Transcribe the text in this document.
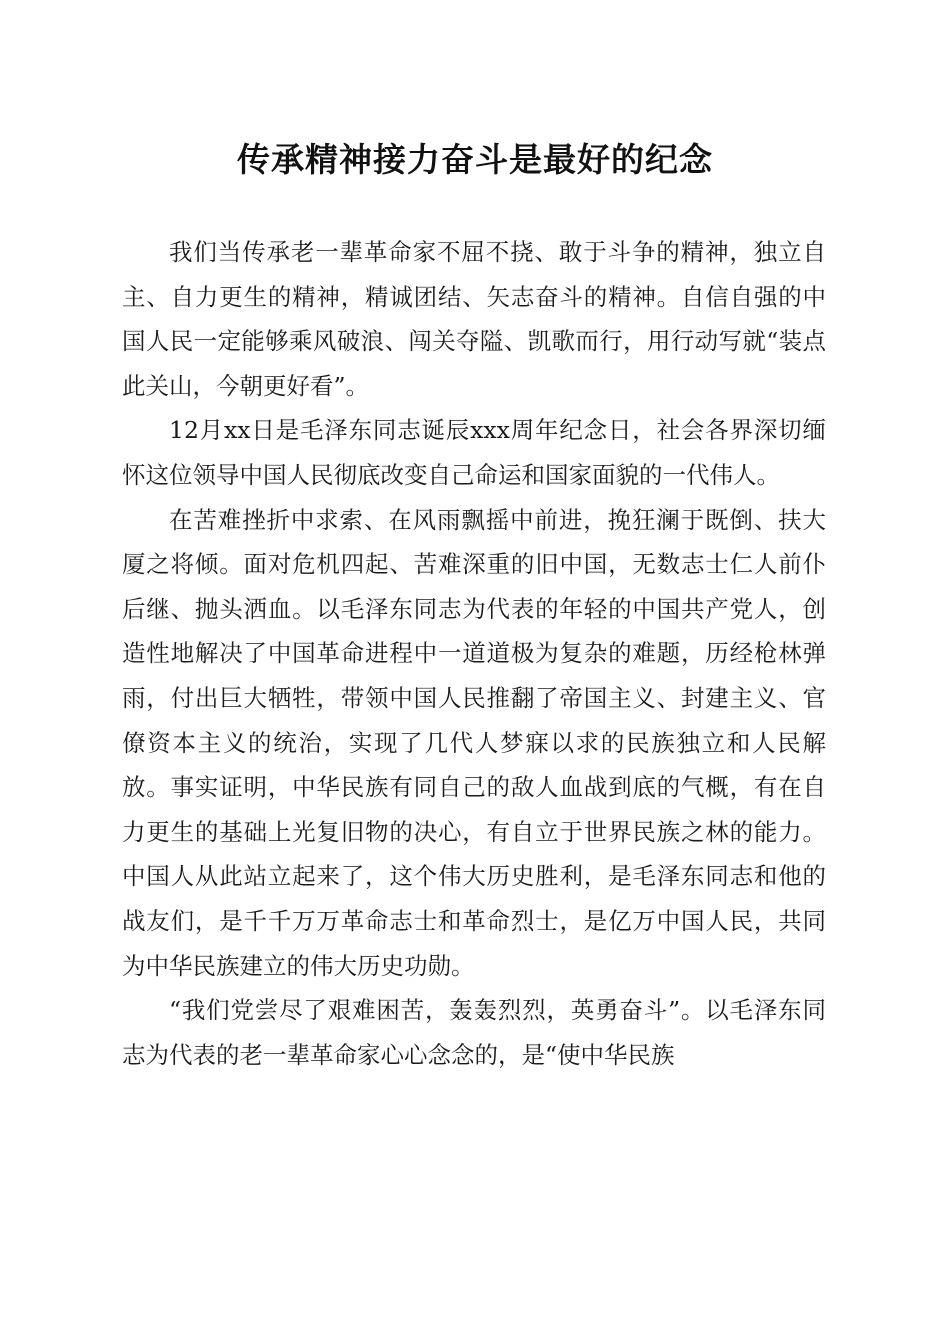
传承精神接力奋斗是最好的纪念

我们当传承老一辈革命家不屈不挠、敢于斗争的精神，独立自主、自力更生的精神，精诚团结、矢志奋斗的精神。自信自强的中国人民一定能够乘风破浪、闯关夺隘、凯歌而行，用行动写就“装点此关山，今朝更好看”。

12月xx日是毛泽东同志诞辰xxx周年纪念日，社会各界深切缅怀这位领导中国人民彻底改变自己命运和国家面貌的一代伟人。

在苦难挫折中求索、在风雨飘摇中前进，挽狂澜于既倒、扶大厦之将倾。面对危机四起、苦难深重的旧中国，无数志士仁人前仆后继、抛头洒血。以毛泽东同志为代表的年轻的中国共产党人，创造性地解决了中国革命进程中一道道极为复杂的难题，历经枪林弹雨，付出巨大牺牲，带领中国人民推翻了帝国主义、封建主义、官僚资本主义的统治，实现了几代人梦寐以求的民族独立和人民解放。事实证明，中华民族有同自己的敌人血战到底的气概，有在自力更生的基础上光复旧物的决心，有自立于世界民族之林的能力。中国人从此站立起来了，这个伟大历史胜利，是毛泽东同志和他的战友们，是千千万万革命志士和革命烈士，是亿万中国人民，共同为中华民族建立的伟大历史功勋。

“我们党尝尽了艰难困苦，轰轰烈烈，英勇奋斗”。以毛泽东同志为代表的老一辈革命家心心念念的，是“使中华民族
